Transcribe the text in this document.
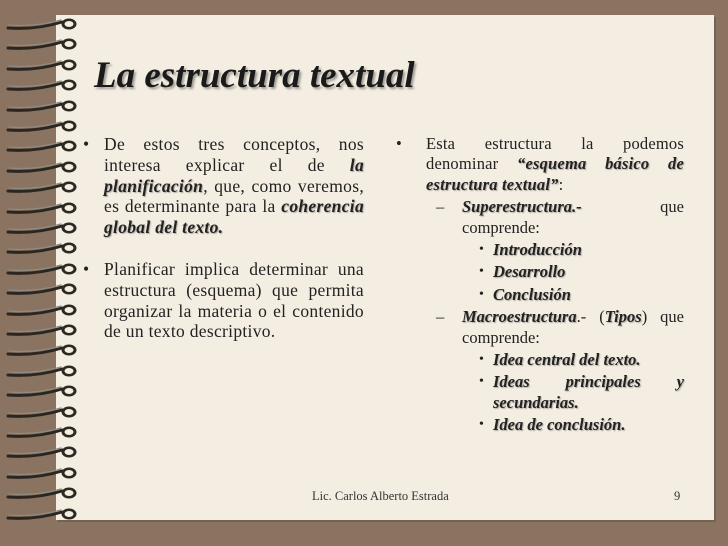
La estructura textual

• De estos tres conceptos, nos interesa explicar el de la planificación, que, como veremos, es determinante para la coherencia global del texto.

• Planificar implica determinar una estructura (esquema) que permita organizar la materia o el contenido de un texto descriptivo.

• Esta estructura la podemos denominar “esquema básico de estructura textual”:

– Superestructura.- que comprende:

• Introducción

• Desarrollo

• Conclusión

– Macroestructura.- (Tipos) que comprende:

• Idea central del texto.

• Ideas principales y secundarias.

• Idea de conclusión.

Lic. Carlos Alberto Estrada	9
